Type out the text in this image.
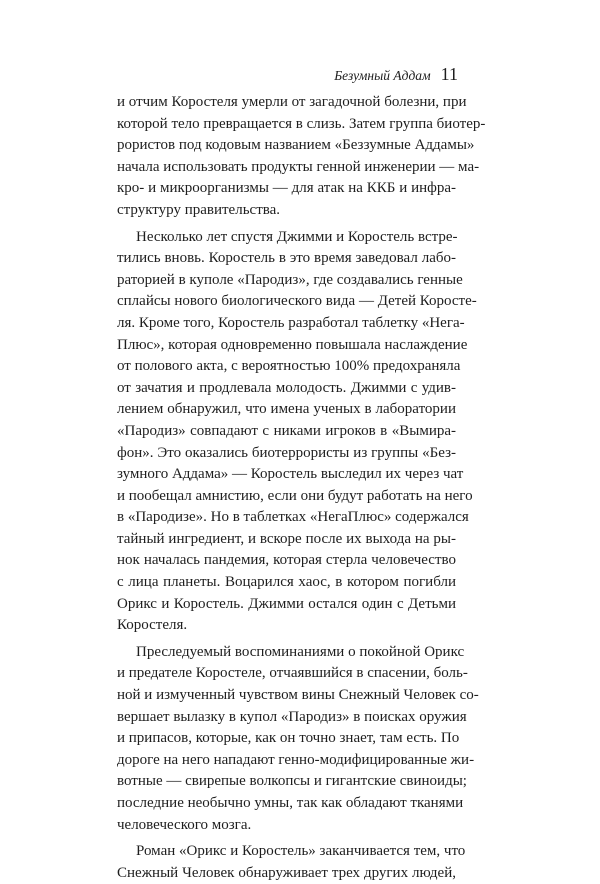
Безумный Аддам 11
и отчим Коростеля умерли от загадочной болезни, при
которой тело превращается в слизь. Затем группа биотер-
рористов под кодовым названием «Беззумные Аддамы»
начала использовать продукты генной инженерии — ма-
кро- и микроорганизмы — для атак на ККБ и инфра-
структуру правительства.
Несколько лет спустя Джимми и Коростель встре-
тились вновь. Коростель в это время заведовал лабо-
раторией в куполе «Пародиз», где создавались генные
сплайсы нового биологического вида — Детей Коростe-
ля. Кроме того, Коростель разработал таблетку «Нега-
Плюс», которая одновременно повышала наслаждение
от полового акта, с вероятностью 100% предохраняла
от зачатия и продлевала молодость. Джимми с удив-
лением обнаружил, что имена ученых в лаборатории
«Пародиз» совпадают с никами игроков в «Вымира-
фон». Это оказались биотеррористы из группы «Без-
зумного Аддама» — Коростель выследил их через чат
и пообещал амнистию, если они будут работать на него
в «Пародизе». Но в таблетках «НегаПлюс» содержался
тайный ингредиент, и вскоре после их выхода на ры-
нок началась пандемия, которая стерла человечество
с лица планеты. Воцарился хаос, в котором погибли
Орикс и Коростель. Джимми остался один с Детьми
Коростеля.
Преследуемый воспоминаниями о покойной Орикс
и предателе Коростеле, отчаявшийся в спасении, боль-
ной и измученный чувством вины Снежный Человек со-
вершает вылазку в купол «Пародиз» в поисках оружия
и припасов, которые, как он точно знает, там есть. По
дороге на него нападают генно-модифицированные жи-
вотные — свирепые волкопсы и гигантские свиноиды;
последние необычно умны, так как обладают тканями
человеческого мозга.
Роман «Орикс и Коростель» заканчивается тем, что
Снежный Человек обнаруживает трех других людей,
